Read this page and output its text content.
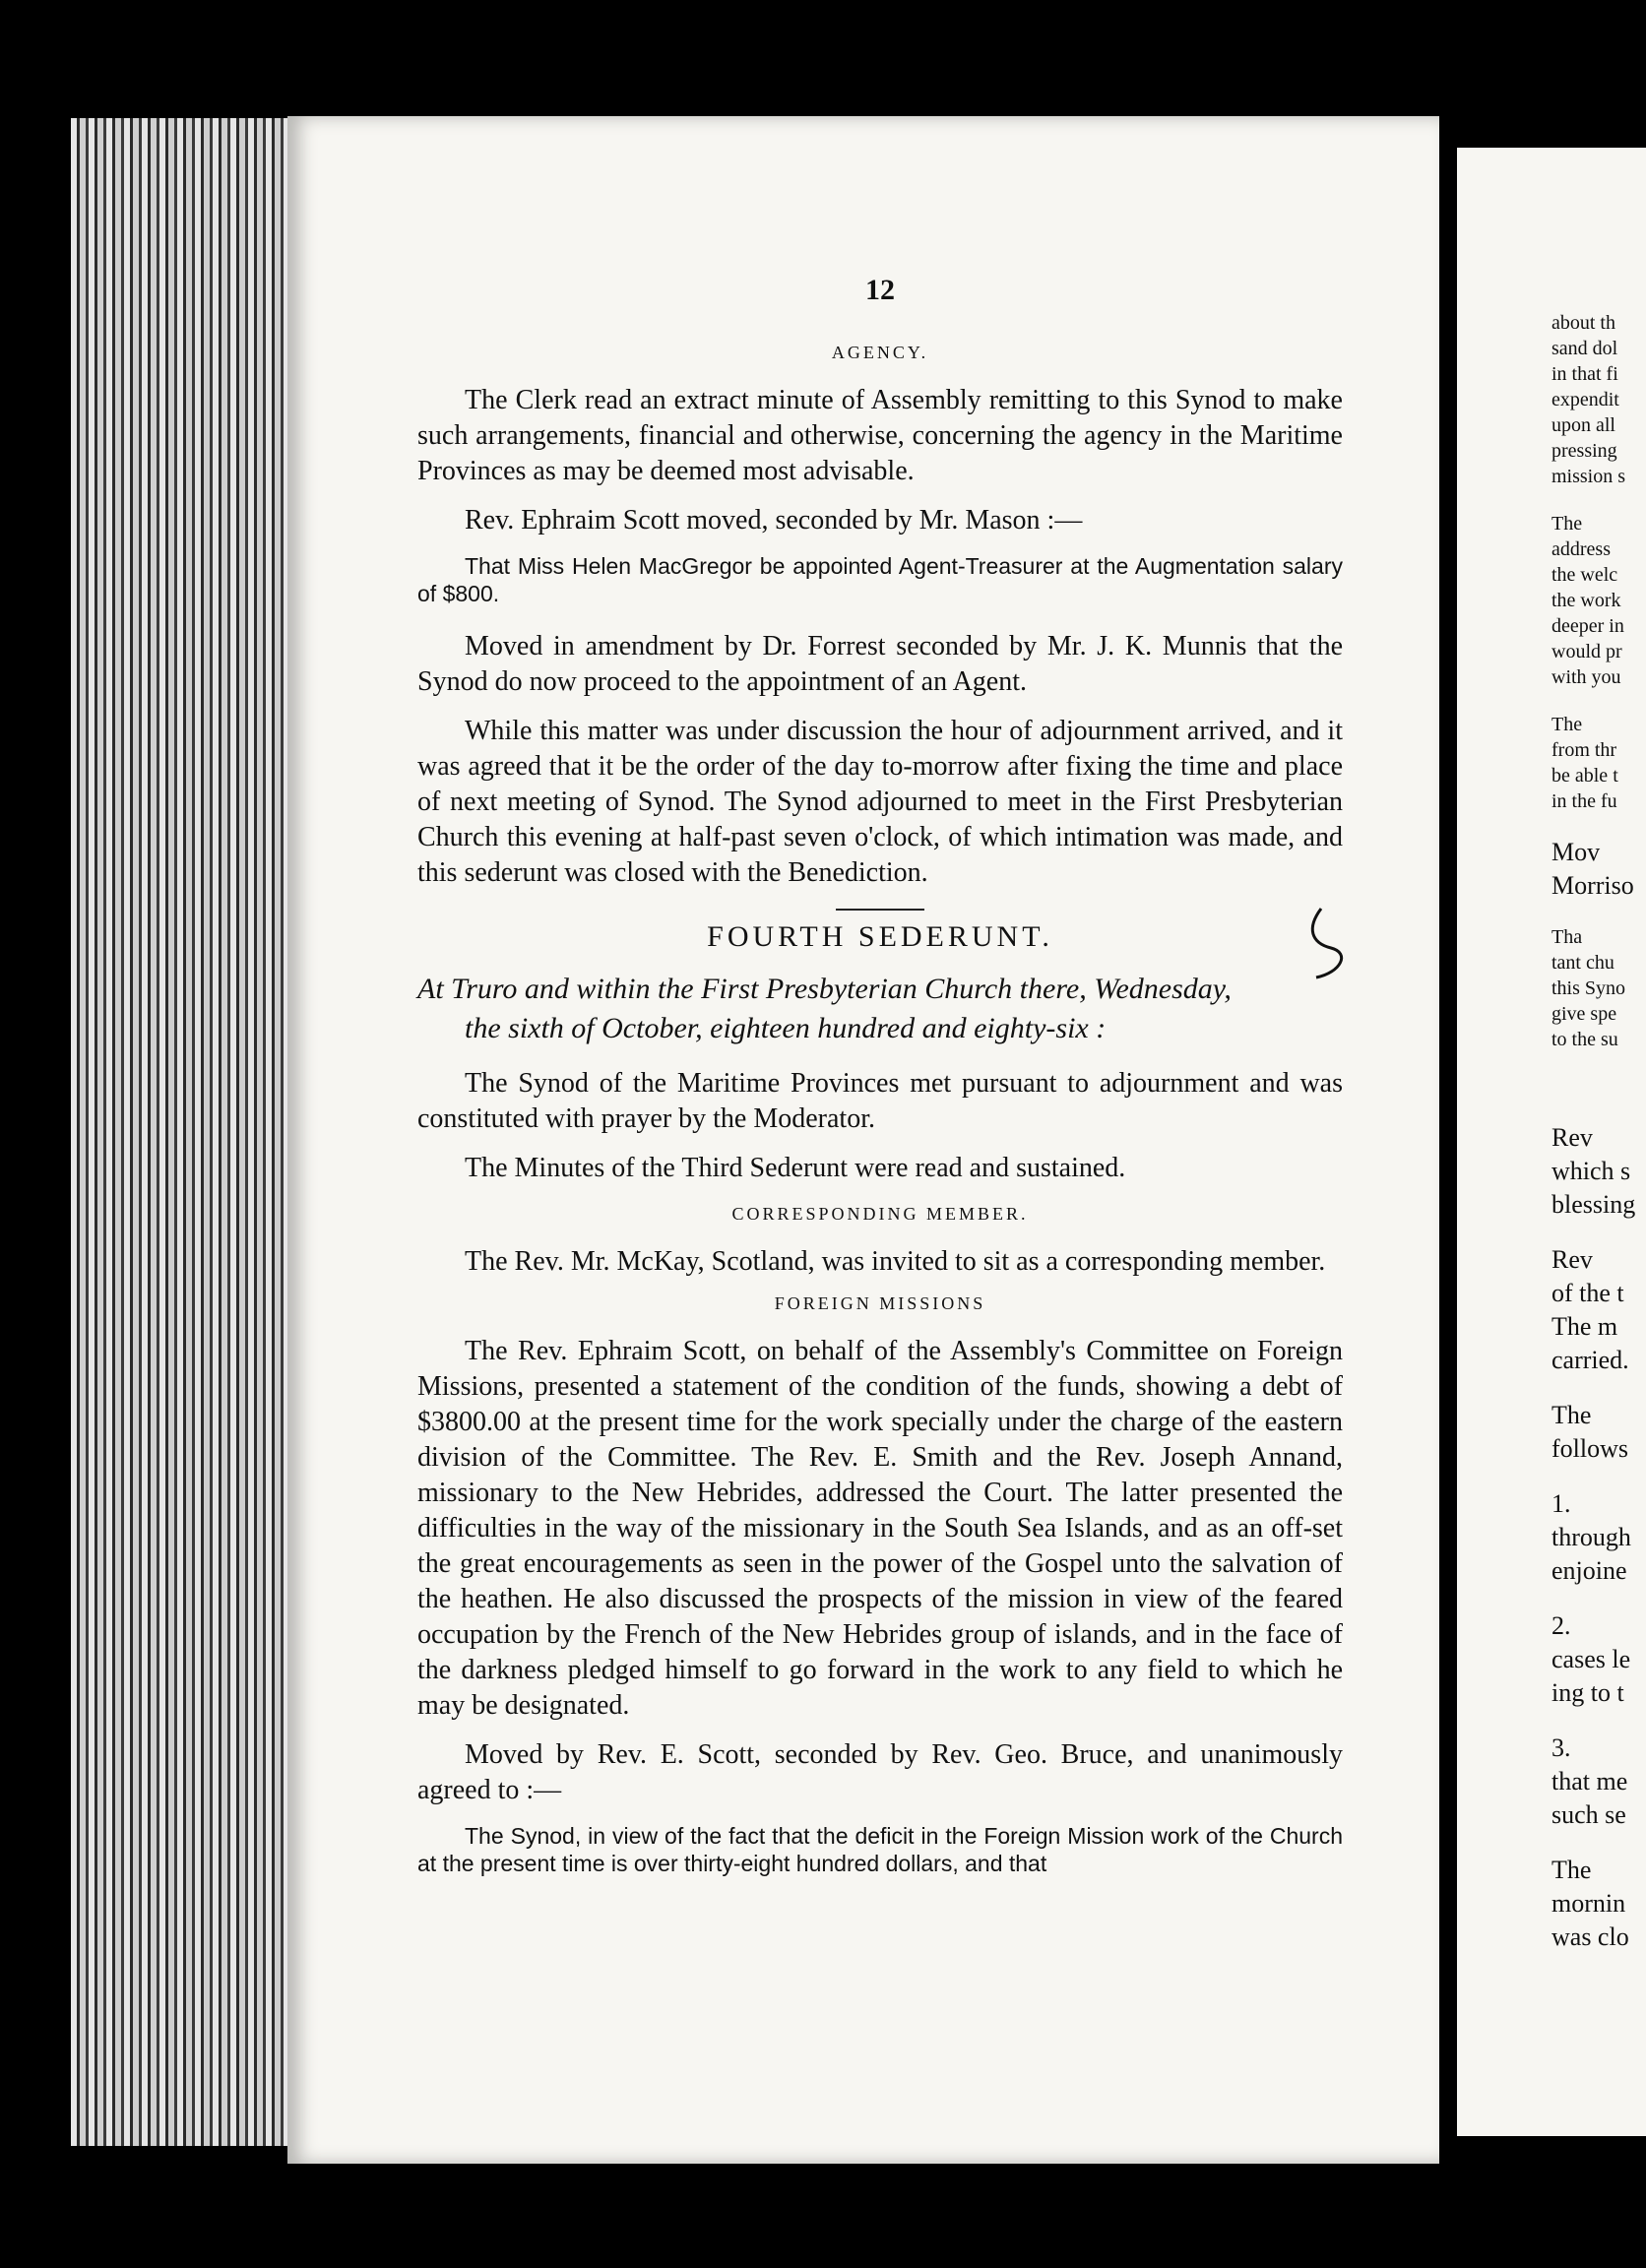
12

AGENCY.

The Clerk read an extract minute of Assembly remitting to this Synod to make such arrangements, financial and otherwise, concerning the agency in the Maritime Provinces as may be deemed most advisable.

Rev. Ephraim Scott moved, seconded by Mr. Mason :—

That Miss Helen MacGregor be appointed Agent-Treasurer at the Augmentation salary of $800.

Moved in amendment by Dr. Forrest seconded by Mr. J. K. Munnis that the Synod do now proceed to the appointment of an Agent.

While this matter was under discussion the hour of adjournment arrived, and it was agreed that it be the order of the day to-morrow after fixing the time and place of next meeting of Synod. The Synod adjourned to meet in the First Presbyterian Church this evening at half-past seven o'clock, of which intimation was made, and this sederunt was closed with the Benediction.

FOURTH SEDERUNT.

At Truro and within the First Presbyterian Church there, Wednesday,
the sixth of October, eighteen hundred and eighty-six :

The Synod of the Maritime Provinces met pursuant to adjournment and was constituted with prayer by the Moderator.

The Minutes of the Third Sederunt were read and sustained.

CORRESPONDING MEMBER.

The Rev. Mr. McKay, Scotland, was invited to sit as a corresponding member.

FOREIGN MISSIONS

The Rev. Ephraim Scott, on behalf of the Assembly's Committee on Foreign Missions, presented a statement of the condition of the funds, showing a debt of $3800.00 at the present time for the work specially under the charge of the eastern division of the Committee. The Rev. E. Smith and the Rev. Joseph Annand, missionary to the New Hebrides, addressed the Court. The latter presented the difficulties in the way of the missionary in the South Sea Islands, and as an off-set the great encouragements as seen in the power of the Gospel unto the salvation of the heathen. He also discussed the prospects of the mission in view of the feared occupation by the French of the New Hebrides group of islands, and in the face of the darkness pledged himself to go forward in the work to any field to which he may be designated.

Moved by Rev. E. Scott, seconded by Rev. Geo. Bruce, and unanimously agreed to :—

The Synod, in view of the fact that the deficit in the Foreign Mission work of the Church at the present time is over thirty-eight hundred dollars, and that

about th
sand dol
in that fi
expendit
upon all
pressing
mission s
The
address
the welc
the work
deeper in
would pr
with you
The
from thr
be able t
in the fu
Mov
Morriso
Tha
tant chu
this Syno
give spe
to the su
Rev
which s
blessing
Rev
of the t
The m
carried.
The
follows
1.
through
enjoine
2.
cases le
ing to t
3.
that me
such se
The
mornin
was clo
